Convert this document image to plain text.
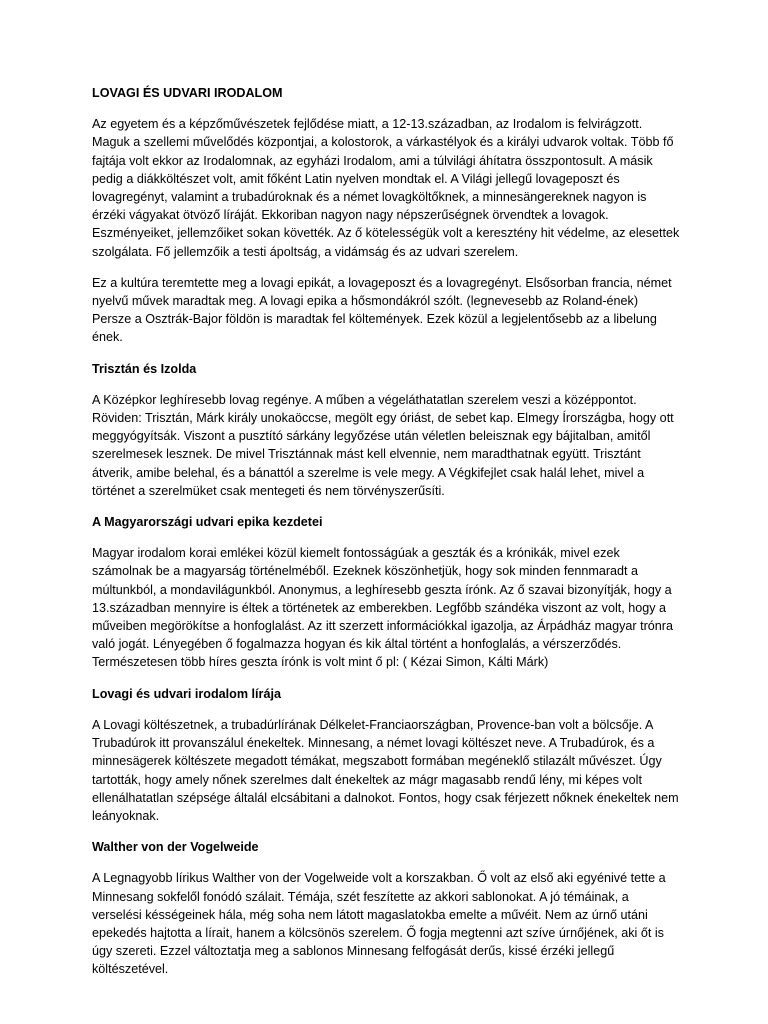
LOVAGI ÉS UDVARI IRODALOM
Az egyetem és a képzőművészetek fejlődése miatt, a 12-13.században, az Irodalom is felvirágzott. Maguk a szellemi művelődés központjai, a kolostorok, a várkastélyok és a királyi udvarok voltak. Több fő fajtája volt ekkor az Irodalomnak, az egyházi Irodalom, ami a túlvilági áhítatra összpontosult. A másik pedig a diákköltészet volt, amit főként Latin nyelven mondtak el. A Világi jellegű lovageposzt és lovagregényt, valamint a trubadúroknak és a német lovagköltőknek, a minnesängereknek nagyon is érzéki vágyakat ötvöző líráját. Ekkoriban nagyon nagy népszerűségnek örvendtek a lovagok. Eszményeiket, jellemzőiket sokan követték. Az ő kötelességük volt a keresztény hit védelme, az elesettek szolgálata. Fő jellemzőik a testi ápoltság, a vidámság és az udvari szerelem.
Ez a kultúra teremtette meg a lovagi epikát, a lovageposzt és a lovagregényt. Elsősorban francia, német nyelvű művek maradtak meg. A lovagi epika a hősmondákról szólt. (legnevesebb az Roland-ének) Persze a Osztrák-Bajor földön is maradtak fel költemények. Ezek közül a legjelentősebb az a libelung ének.
Trisztán és Izolda
A Középkor leghíresebb lovag regénye. A műben a végeláthatatlan szerelem veszi a középpontot. Röviden: Trisztán, Márk király unokaöccse, megölt egy óriást, de sebet kap. Elmegy Írországba, hogy ott meggyógyítsák. Viszont a pusztító sárkány legyőzése után véletlen beleisznak egy bájitalban, amitől szerelmesek lesznek. De mivel Trisztánnak mást kell elvennie, nem maradthatnak együtt. Trisztánt átverik, amibe belehal, és a bánattól a szerelme is vele megy. A Végkifejlet csak halál lehet, mivel a történet a szerelmüket csak mentegeti és nem törvényszerűsíti.
A Magyarországi udvari epika kezdetei
Magyar irodalom korai emlékei közül kiemelt fontosságúak a geszták és a krónikák, mivel ezek számolnak be a magyarság történelméből. Ezeknek köszönhetjük, hogy sok minden fennmaradt a múltunkból, a mondavilágunkból. Anonymus, a leghíresebb geszta írónk. Az ő szavai bizonyítják, hogy a 13.században mennyire is éltek a történetek az emberekben. Legfőbb szándéka viszont az volt, hogy a műveiben megörökítse a honfoglalást. Az itt szerzett információkkal igazolja, az Árpádház magyar trónra való jogát. Lényegében ő fogalmazza hogyan és kik által történt a honfoglalás, a vérszerződés. Természetesen több híres geszta írónk is volt mint ő pl: ( Kézai Simon, Kálti Márk)
Lovagi és udvari irodalom lírája
A Lovagi költészetnek, a trubadúrlírának Délkelet-Franciaországban, Provence-ban volt a bölcsője. A Trubadúrok itt provanszálul énekeltek. Minnesang, a német lovagi költészet neve. A Trubadúrok, és a minnesägerek költészete megadott témákat, megszabott formában megéneklő stilazált művészet. Úgy tartották, hogy amely nőnek szerelmes dalt énekeltek az mágr magasabb rendű lény, mi képes volt ellenálhatatlan szépsége általál elcsábitani a dalnokot. Fontos, hogy csak férjezett nőknek énekeltek nem leányoknak.
Walther von der Vogelweide
A Legnagyobb lírikus Walther von der Vogelweide volt a korszakban. Ő volt az első aki egyénivé tette a Minnesang sokfelől fonódó szálait. Témája, szét feszítette az akkori sablonokat. A jó témáinak, a verselési késségeinek hála, még soha nem látott magaslatokba emelte a művéit. Nem az úrnő utáni epekedés hajtotta a lírait, hanem a kölcsönös szerelem. Ő fogja megtenni azt szíve úrnőjének, aki őt is úgy szereti. Ezzel változtatja meg a sablonos Minnesang felfogását derűs, kissé érzéki jellegű költészetével.
